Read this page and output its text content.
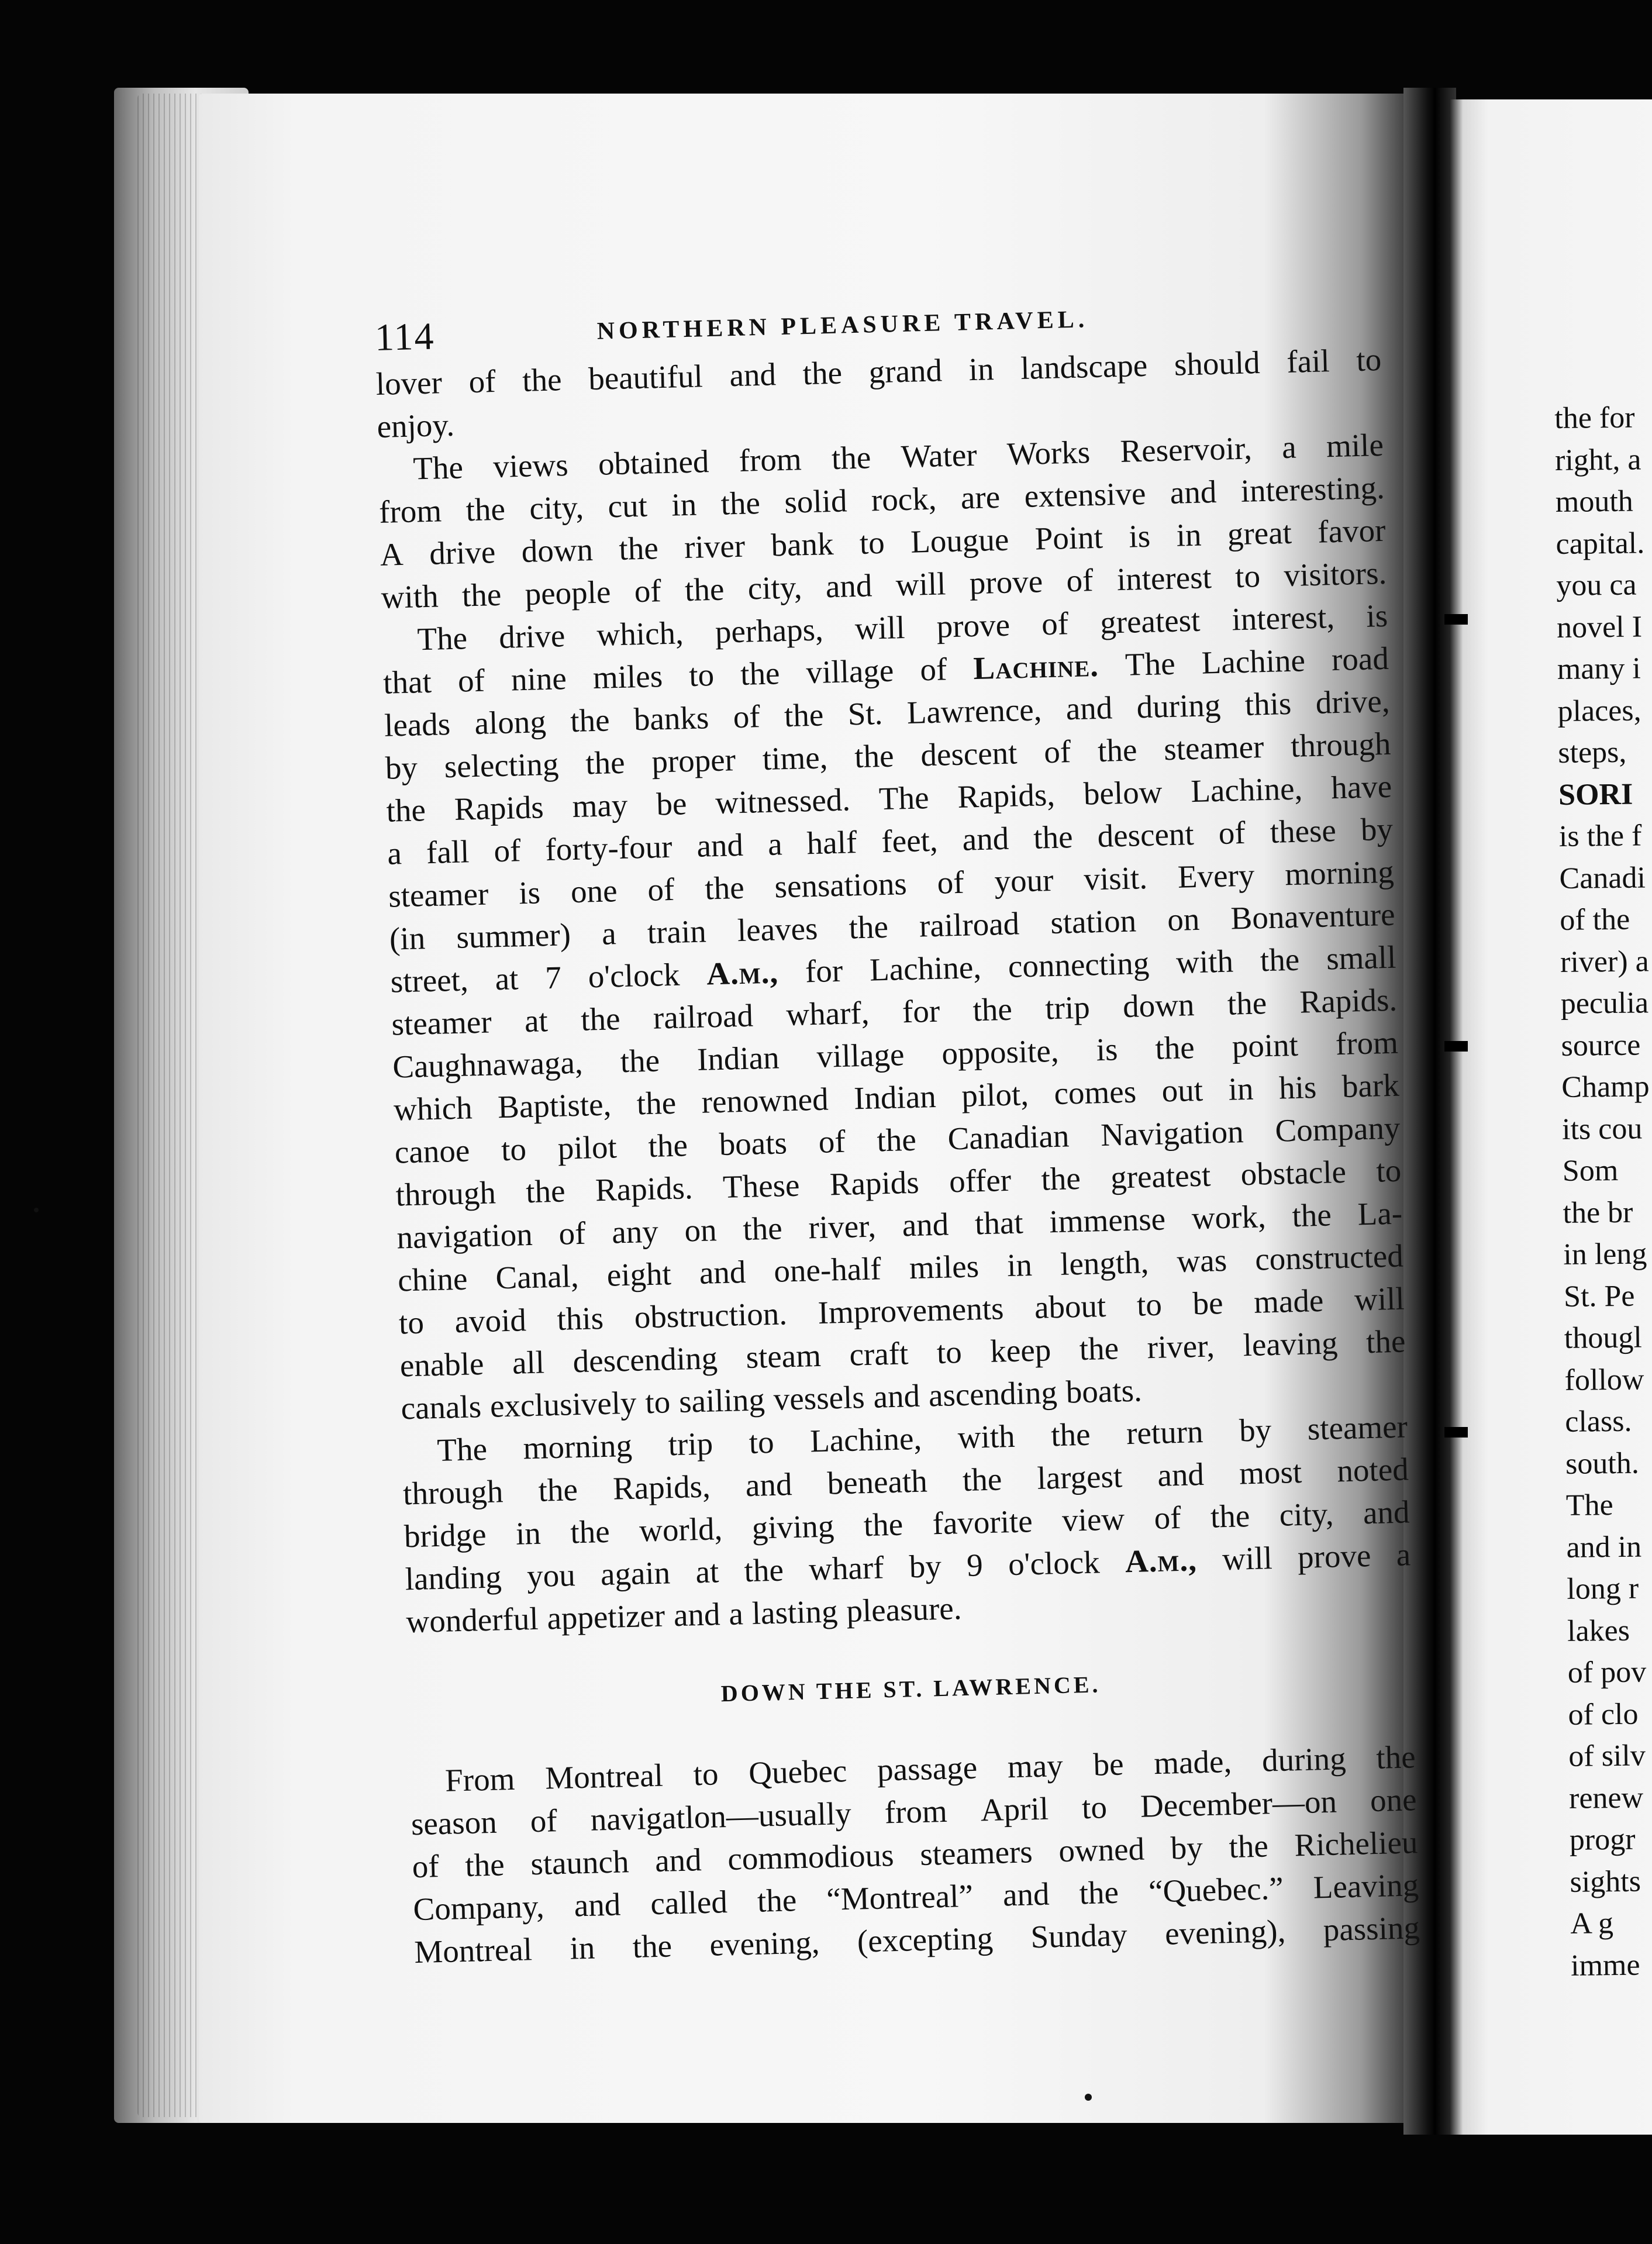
114	NORTHERN PLEASURE TRAVEL.
lover of the beautiful and the grand in landscape should fail to
enjoy.
The views obtained from the Water Works Reservoir, a mile
from the city, cut in the solid rock, are extensive and interesting.
A drive down the river bank to Lougue Point is in great favor
with the people of the city, and will prove of interest to visitors.
The drive which, perhaps, will prove of greatest interest, is
that of nine miles to the village of Lachine. The Lachine road
leads along the banks of the St. Lawrence, and during this drive,
by selecting the proper time, the descent of the steamer through
the Rapids may be witnessed. The Rapids, below Lachine, have
a fall of forty-four and a half feet, and the descent of these by
steamer is one of the sensations of your visit. Every morning
(in summer) a train leaves the railroad station on Bonaventure
street, at 7 o'clock A.m., for Lachine, connecting with the small
steamer at the railroad wharf, for the trip down the Rapids.
Caughnawaga, the Indian village opposite, is the point from
which Baptiste, the renowned Indian pilot, comes out in his bark
canoe to pilot the boats of the Canadian Navigation Company
through the Rapids. These Rapids offer the greatest obstacle to
navigation of any on the river, and that immense work, the La-
chine Canal, eight and one-half miles in length, was constructed
to avoid this obstruction. Improvements about to be made will
enable all descending steam craft to keep the river, leaving the
canals exclusively to sailing vessels and ascending boats.
The morning trip to Lachine, with the return by steamer
through the Rapids, and beneath the largest and most noted
bridge in the world, giving the favorite view of the city, and
landing you again at the wharf by 9 o'clock A.m., will prove a
wonderful appetizer and a lasting pleasure.
DOWN THE ST. LAWRENCE.
From Montreal to Quebec passage may be made, during the
season of navigatlon—usually from April to December—on one
of the staunch and commodious steamers owned by the Richelieu
Company, and called the “Montreal” and the “Quebec.” Leaving
Montreal in the evening, (excepting Sunday evening), passing
the for
right, a
mouth
capital.
you ca
novel I
many i
places,
steps,
SORI
is the f
Canadi
of the
river) a
peculia
source
Champ
its cou
Som
the br
in leng
St. Pe
thougl
follow
class.
south.
The
and in
long r
lakes
of pov
of clo
of silv
renew
progr
sights
A g
imme
